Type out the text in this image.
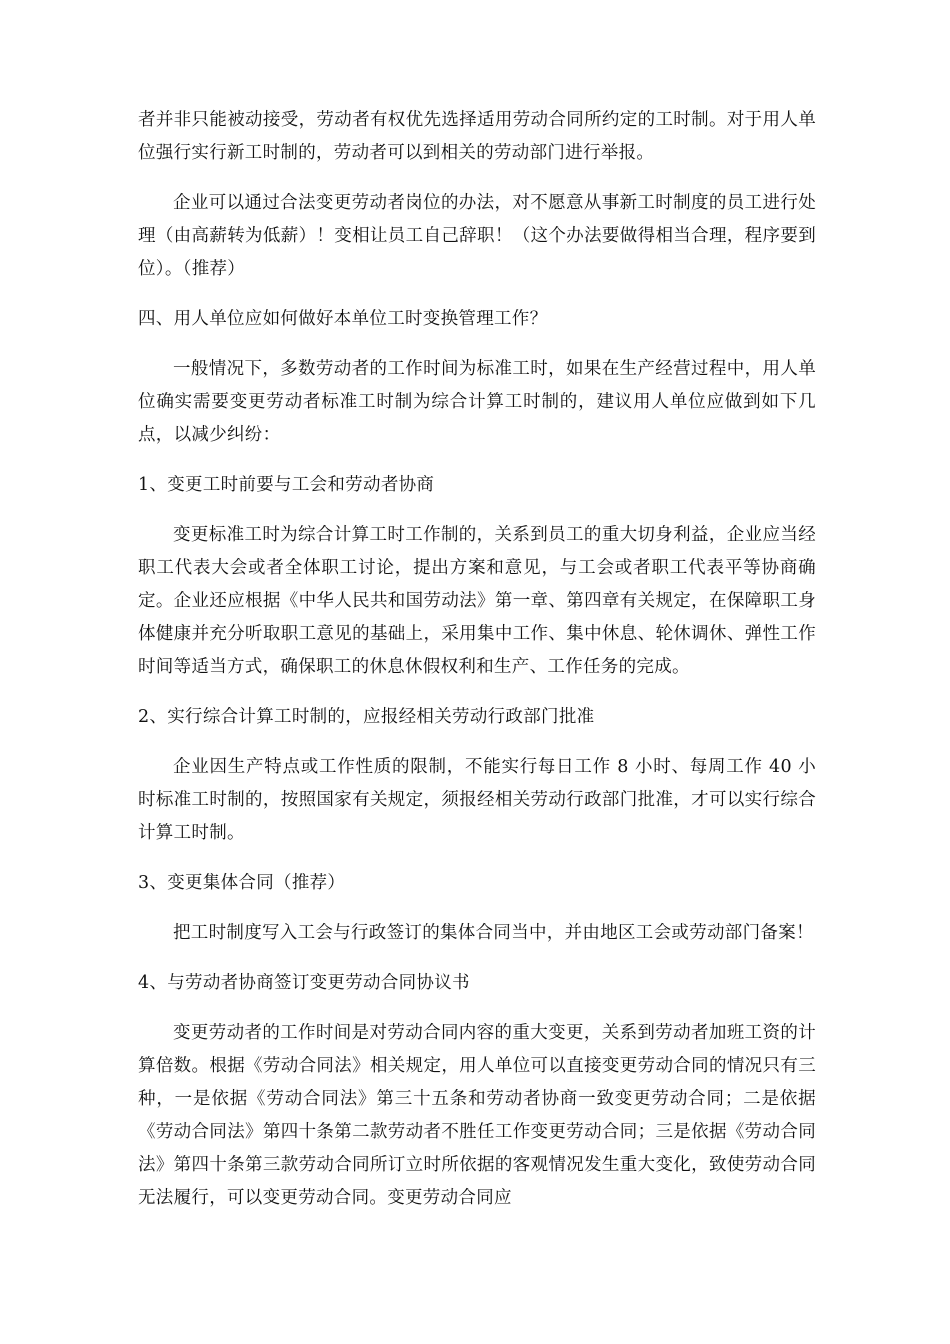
者并非只能被动接受，劳动者有权优先选择适用劳动合同所约定的工时制。对于用人单位强行实行新工时制的，劳动者可以到相关的劳动部门进行举报。

企业可以通过合法变更劳动者岗位的办法，对不愿意从事新工时制度的员工进行处理（由高薪转为低薪）！变相让员工自己辞职！（这个办法要做得相当合理，程序要到位）。（推荐）

四、用人单位应如何做好本单位工时变换管理工作？

一般情况下，多数劳动者的工作时间为标准工时，如果在生产经营过程中，用人单位确实需要变更劳动者标准工时制为综合计算工时制的，建议用人单位应做到如下几点，以减少纠纷：

1、变更工时前要与工会和劳动者协商

变更标准工时为综合计算工时工作制的，关系到员工的重大切身利益，企业应当经职工代表大会或者全体职工讨论，提出方案和意见，与工会或者职工代表平等协商确定。企业还应根据《中华人民共和国劳动法》第一章、第四章有关规定，在保障职工身体健康并充分听取职工意见的基础上，采用集中工作、集中休息、轮休调休、弹性工作时间等适当方式，确保职工的休息休假权利和生产、工作任务的完成。

2、实行综合计算工时制的，应报经相关劳动行政部门批准

企业因生产特点或工作性质的限制，不能实行每日工作 8 小时、每周工作 40 小时标准工时制的，按照国家有关规定，须报经相关劳动行政部门批准，才可以实行综合计算工时制。

3、变更集体合同（推荐）

把工时制度写入工会与行政签订的集体合同当中，并由地区工会或劳动部门备案！

4、与劳动者协商签订变更劳动合同协议书

变更劳动者的工作时间是对劳动合同内容的重大变更，关系到劳动者加班工资的计算倍数。根据《劳动合同法》相关规定，用人单位可以直接变更劳动合同的情况只有三种，一是依据《劳动合同法》第三十五条和劳动者协商一致变更劳动合同；二是依据《劳动合同法》第四十条第二款劳动者不胜任工作变更劳动合同；三是依据《劳动合同法》第四十条第三款劳动合同所订立时所依据的客观情况发生重大变化，致使劳动合同无法履行，可以变更劳动合同。变更劳动合同应
